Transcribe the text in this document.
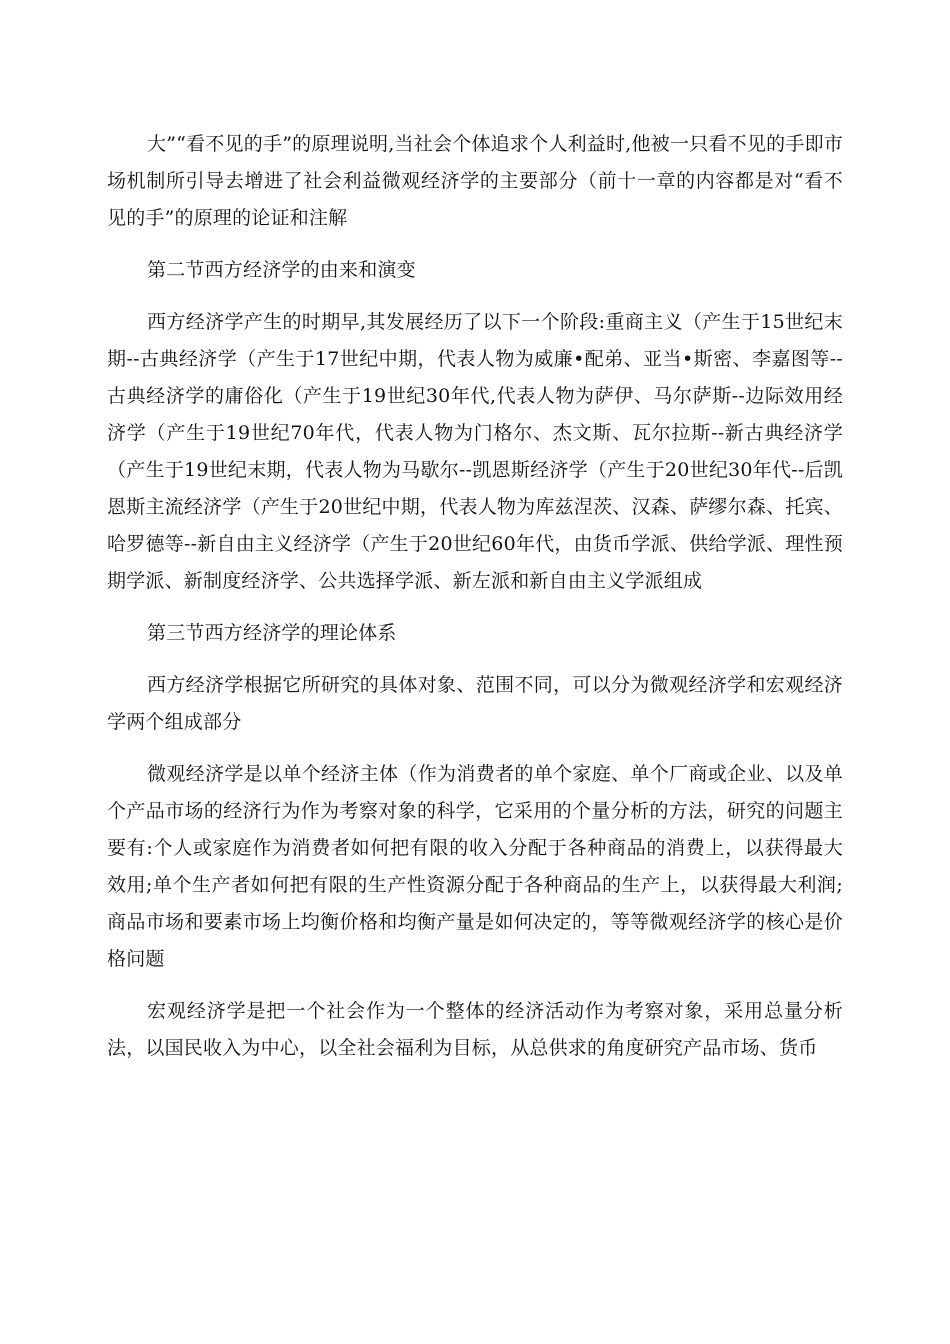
大”“看不见的手”的原理说明,当社会个体追求个人利益时,他被一只看不见的手即市场机制所引导去增进了社会利益微观经济学的主要部分（前十一章的内容都是对“看不见的手”的原理的论证和注解

第二节西方经济学的由来和演变

西方经济学产生的时期早,其发展经历了以下一个阶段:重商主义（产生于15世纪末期--古典经济学（产生于17世纪中期，代表人物为威廉•配弟、亚当•斯密、李嘉图等--古典经济学的庸俗化（产生于19世纪30年代,代表人物为萨伊、马尔萨斯--边际效用经济学（产生于19世纪70年代，代表人物为门格尔、杰文斯、瓦尔拉斯--新古典经济学（产生于19世纪末期，代表人物为马歇尔--凯恩斯经济学（产生于20世纪30年代--后凯恩斯主流经济学（产生于20世纪中期，代表人物为库兹涅茨、汉森、萨缪尔森、托宾、哈罗德等--新自由主义经济学（产生于20世纪60年代，由货币学派、供给学派、理性预期学派、新制度经济学、公共选择学派、新左派和新自由主义学派组成

第三节西方经济学的理论体系

西方经济学根据它所研究的具体对象、范围不同，可以分为微观经济学和宏观经济学两个组成部分

微观经济学是以单个经济主体（作为消费者的单个家庭、单个厂商或企业、以及单个产品市场的经济行为作为考察对象的科学，它采用的个量分析的方法，研究的问题主要有:个人或家庭作为消费者如何把有限的收入分配于各种商品的消费上，以获得最大效用;单个生产者如何把有限的生产性资源分配于各种商品的生产上，以获得最大利润;商品市场和要素市场上均衡价格和均衡产量是如何决定的，等等微观经济学的核心是价格问题

宏观经济学是把一个社会作为一个整体的经济活动作为考察对象，采用总量分析法，以国民收入为中心，以全社会福利为目标，从总供求的角度研究产品市场、货币
